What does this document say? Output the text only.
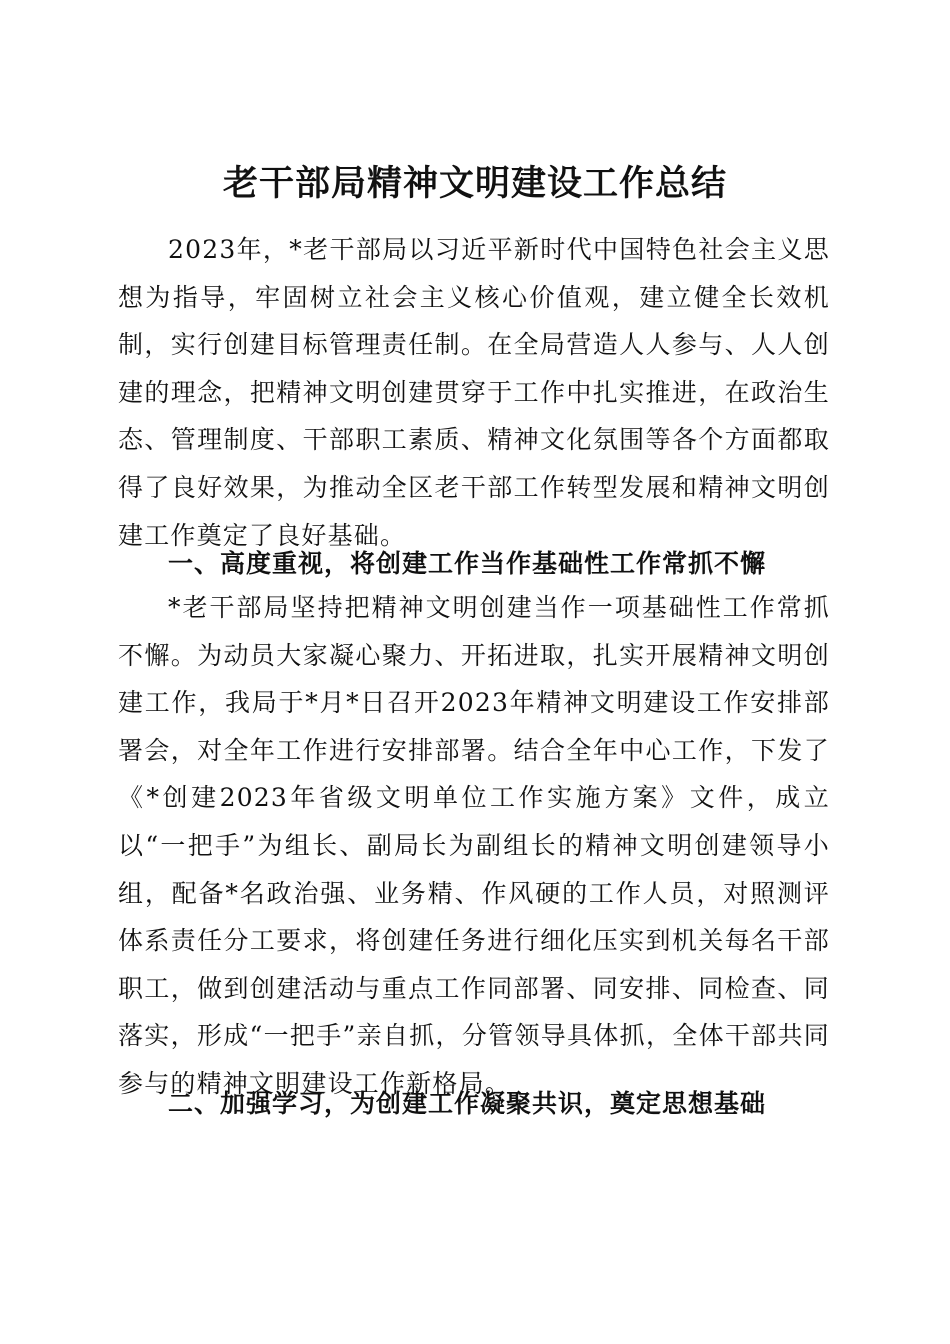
老干部局精神文明建设工作总结

2023年，*老干部局以习近平新时代中国特色社会主义思想为指导，牢固树立社会主义核心价值观，建立健全长效机制，实行创建目标管理责任制。在全局营造人人参与、人人创建的理念，把精神文明创建贯穿于工作中扎实推进，在政治生态、管理制度、干部职工素质、精神文化氛围等各个方面都取得了良好效果，为推动全区老干部工作转型发展和精神文明创建工作奠定了良好基础。

一、高度重视，将创建工作当作基础性工作常抓不懈

*老干部局坚持把精神文明创建当作一项基础性工作常抓不懈。为动员大家凝心聚力、开拓进取，扎实开展精神文明创建工作，我局于*月*日召开2023年精神文明建设工作安排部署会，对全年工作进行安排部署。结合全年中心工作，下发了《*创建2023年省级文明单位工作实施方案》文件，成立以“一把手”为组长、副局长为副组长的精神文明创建领导小组，配备*名政治强、业务精、作风硬的工作人员，对照测评体系责任分工要求，将创建任务进行细化压实到机关每名干部职工，做到创建活动与重点工作同部署、同安排、同检查、同落实，形成“一把手”亲自抓，分管领导具体抓，全体干部共同参与的精神文明建设工作新格局。

二、加强学习，为创建工作凝聚共识，奠定思想基础
